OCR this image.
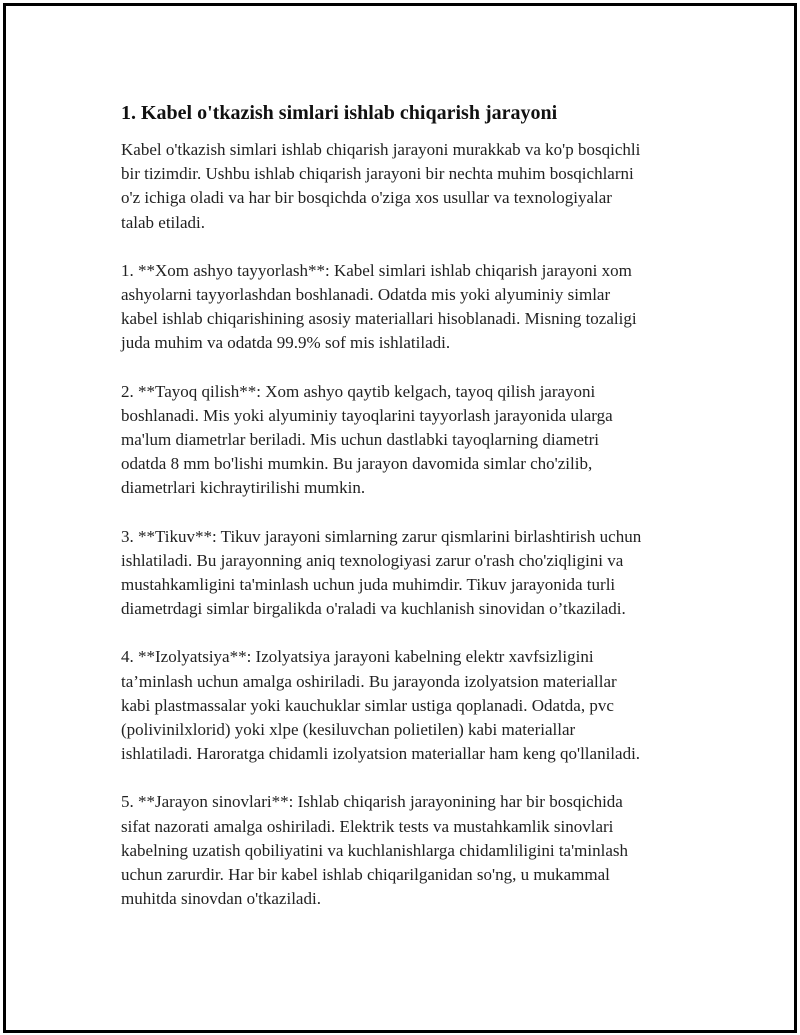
1. Kabel o'tkazish simlari ishlab chiqarish jarayoni

Kabel o'tkazish simlari ishlab chiqarish jarayoni murakkab va ko'p bosqichli
bir tizimdir. Ushbu ishlab chiqarish jarayoni bir nechta muhim bosqichlarni
o'z ichiga oladi va har bir bosqichda o'ziga xos usullar va texnologiyalar
talab etiladi.

1. **Xom ashyo tayyorlash**: Kabel simlari ishlab chiqarish jarayoni xom
ashyolarni tayyorlashdan boshlanadi. Odatda mis yoki alyuminiy simlar
kabel ishlab chiqarishining asosiy materiallari hisoblanadi. Misning tozaligi
juda muhim va odatda 99.9% sof mis ishlatiladi.

2. **Tayoq qilish**: Xom ashyo qaytib kelgach, tayoq qilish jarayoni
boshlanadi. Mis yoki alyuminiy tayoqlarini tayyorlash jarayonida ularga
ma'lum diametrlar beriladi. Mis uchun dastlabki tayoqlarning diametri
odatda 8 mm bo'lishi mumkin. Bu jarayon davomida simlar cho'zilib,
diametrlari kichraytirilishi mumkin.

3. **Tikuv**: Tikuv jarayoni simlarning zarur qismlarini birlashtirish uchun
ishlatiladi. Bu jarayonning aniq texnologiyasi zarur o'rash cho'ziqligini va
mustahkamligini ta'minlash uchun juda muhimdir. Tikuv jarayonida turli
diametrdagi simlar birgalikda o'raladi va kuchlanish sinovidan o’tkaziladi.

4. **Izolyatsiya**: Izolyatsiya jarayoni kabelning elektr xavfsizligini
ta’minlash uchun amalga oshiriladi. Bu jarayonda izolyatsion materiallar
kabi plastmassalar yoki kauchuklar simlar ustiga qoplanadi. Odatda, pvc
(polivinilxlorid) yoki xlpe (kesiluvchan polietilen) kabi materiallar
ishlatiladi. Haroratga chidamli izolyatsion materiallar ham keng qo'llaniladi.

5. **Jarayon sinovlari**: Ishlab chiqarish jarayonining har bir bosqichida
sifat nazorati amalga oshiriladi. Elektrik tests va mustahkamlik sinovlari
kabelning uzatish qobiliyatini va kuchlanishlarga chidamliligini ta'minlash
uchun zarurdir. Har bir kabel ishlab chiqarilganidan so'ng, u mukammal
muhitda sinovdan o'tkaziladi.
